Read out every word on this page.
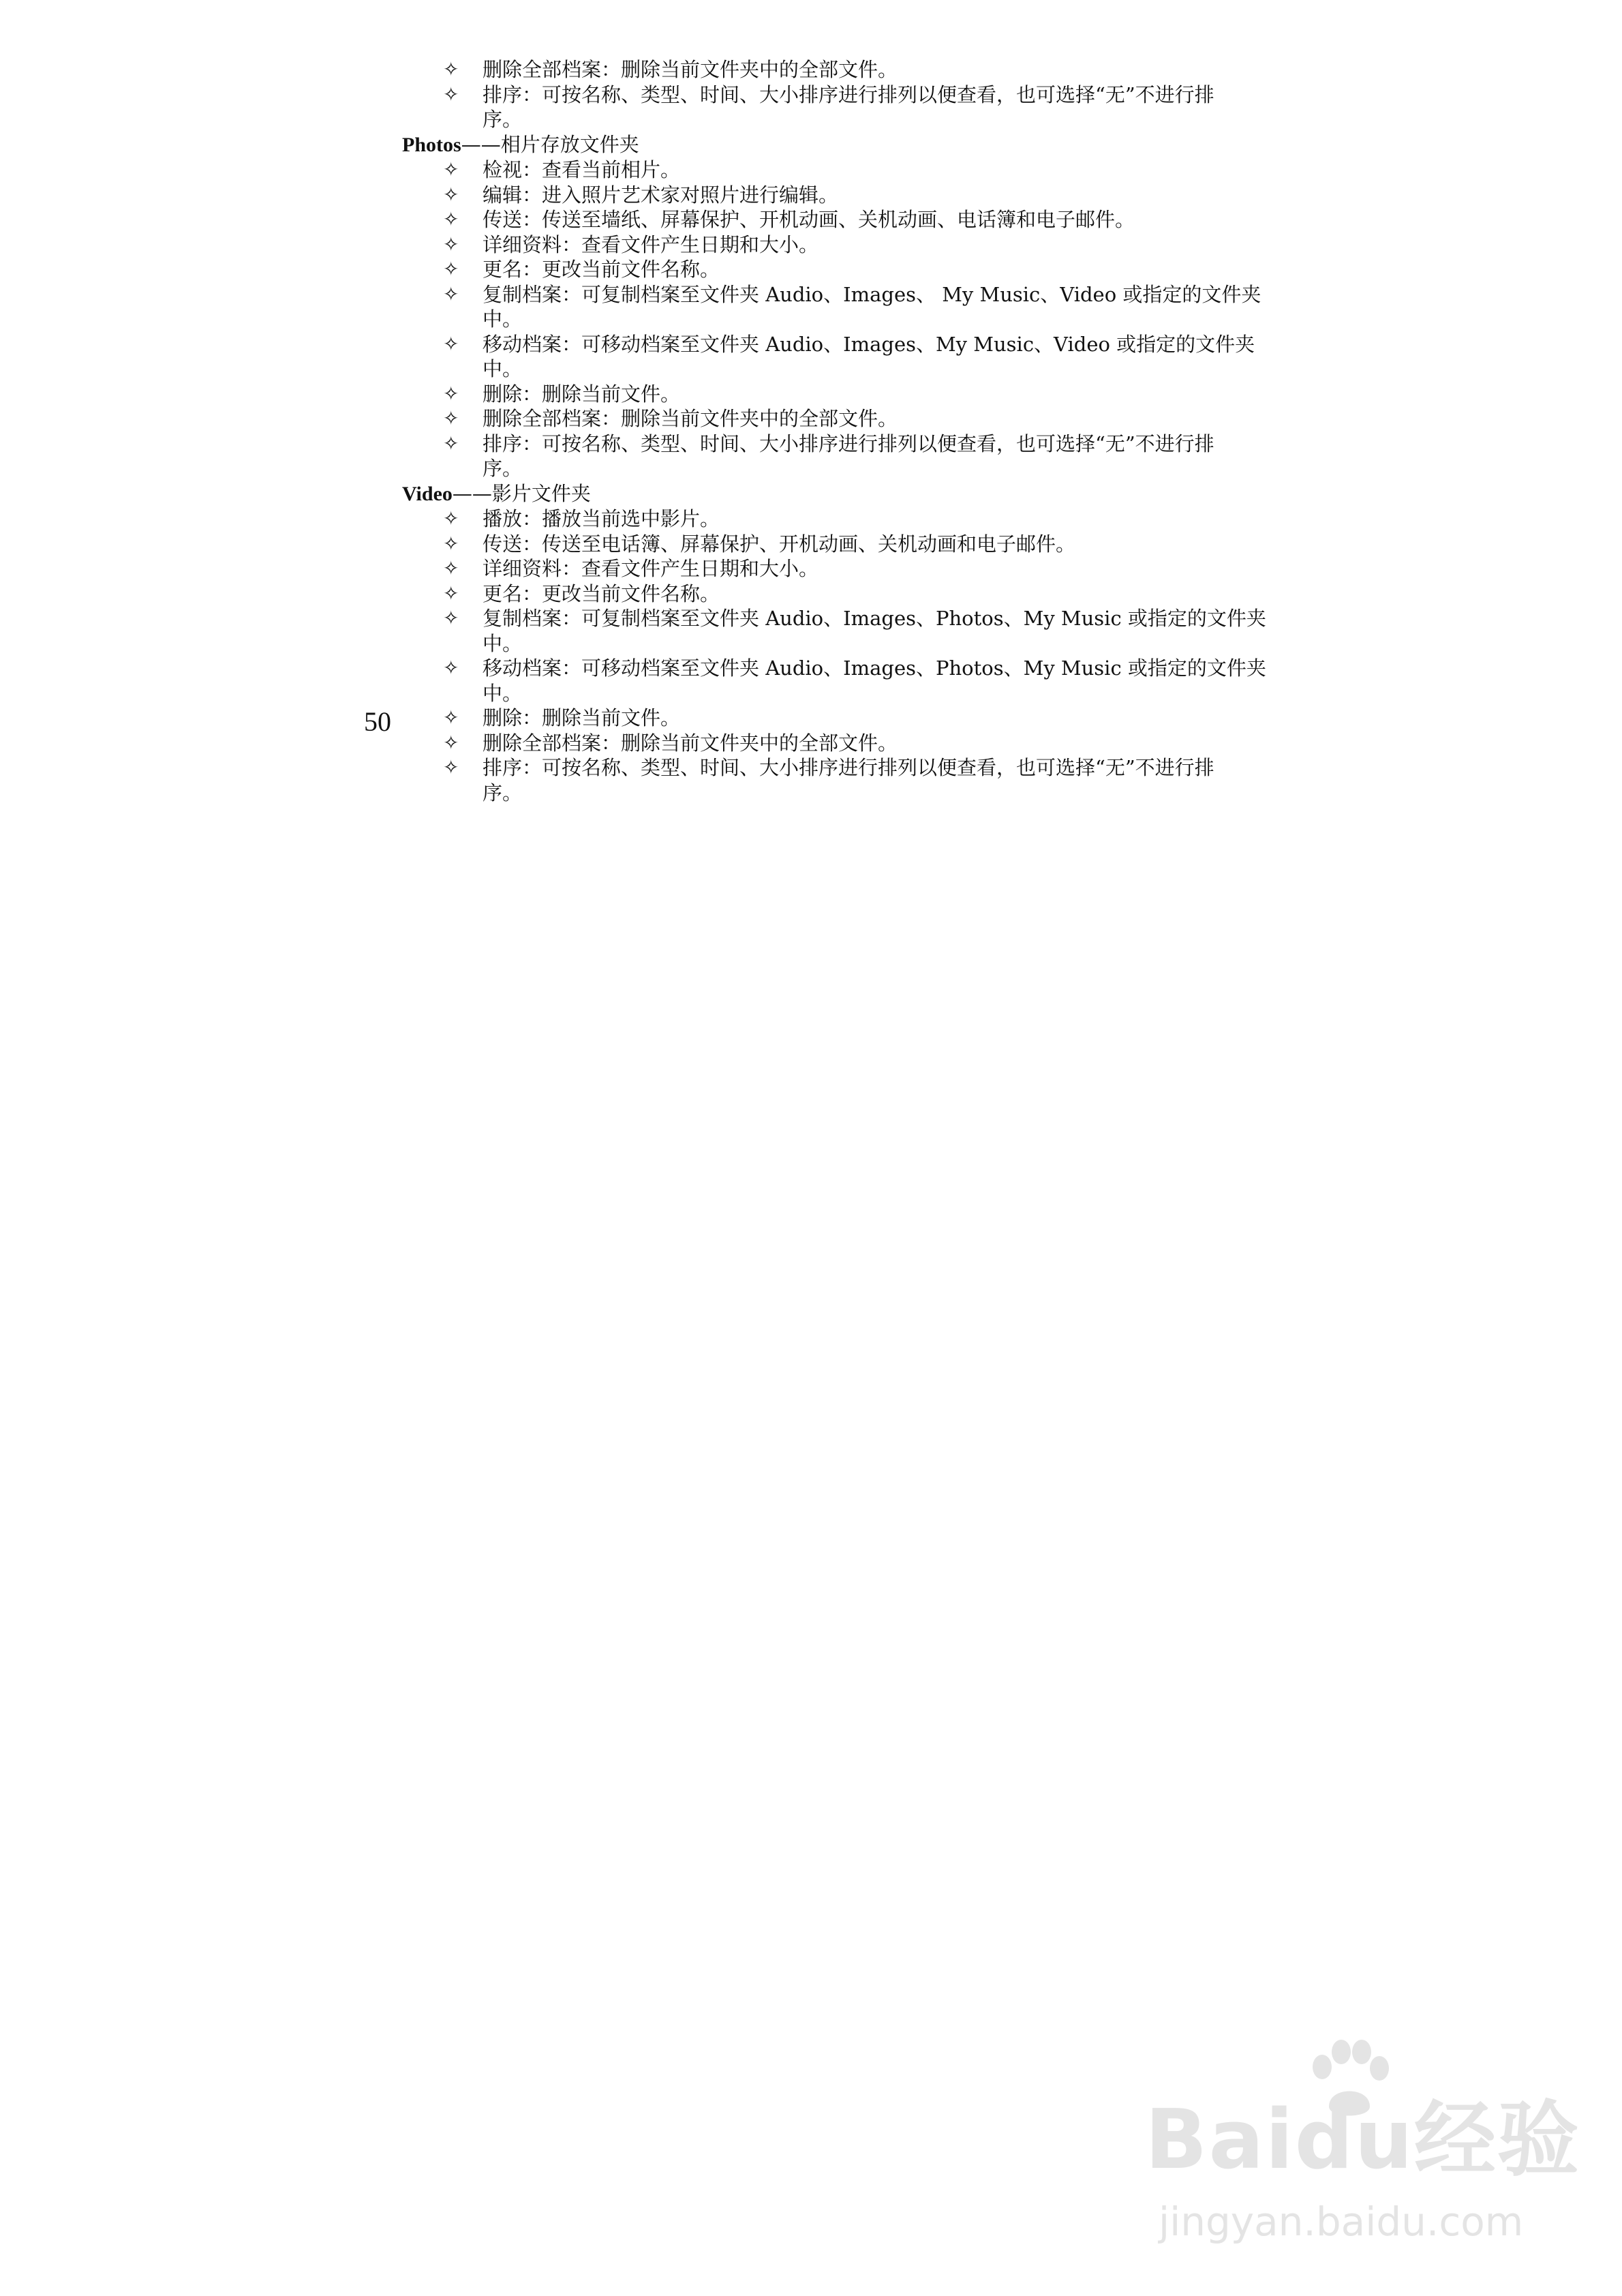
✧ 删除全部档案：删除当前文件夹中的全部文件。
✧ 排序：可按名称、类型、时间、大小排序进行排列以便查看，也可选择“无”不进行排
序。
Photos——相片存放文件夹
✧ 检视：查看当前相片。
✧ 编辑：进入照片艺术家对照片进行编辑。
✧ 传送：传送至墙纸、屏幕保护、开机动画、关机动画、电话簿和电子邮件。
✧ 详细资料：查看文件产生日期和大小。
✧ 更名：更改当前文件名称。
✧ 复制档案：可复制档案至文件夹 Audio、Images、 My Music、Video 或指定的文件夹中。
✧ 移动档案：可移动档案至文件夹 Audio、Images、My Music、Video 或指定的文件夹中。
✧ 删除：删除当前文件。
✧ 删除全部档案：删除当前文件夹中的全部文件。
✧ 排序：可按名称、类型、时间、大小排序进行排列以便查看，也可选择“无”不进行排
序。
Video——影片文件夹
✧ 播放：播放当前选中影片。
✧ 传送：传送至电话簿、屏幕保护、开机动画、关机动画和电子邮件。
✧ 详细资料：查看文件产生日期和大小。
✧ 更名：更改当前文件名称。
✧ 复制档案：可复制档案至文件夹 Audio、Images、Photos、My Music 或指定的文件夹中。
✧ 移动档案：可移动档案至文件夹 Audio、Images、Photos、My Music 或指定的文件夹中。
✧ 删除：删除当前文件。
✧ 删除全部档案：删除当前文件夹中的全部文件。
✧ 排序：可按名称、类型、时间、大小排序进行排列以便查看，也可选择“无”不进行排
序。
50
Baidu经验
jingyan.baidu.com
